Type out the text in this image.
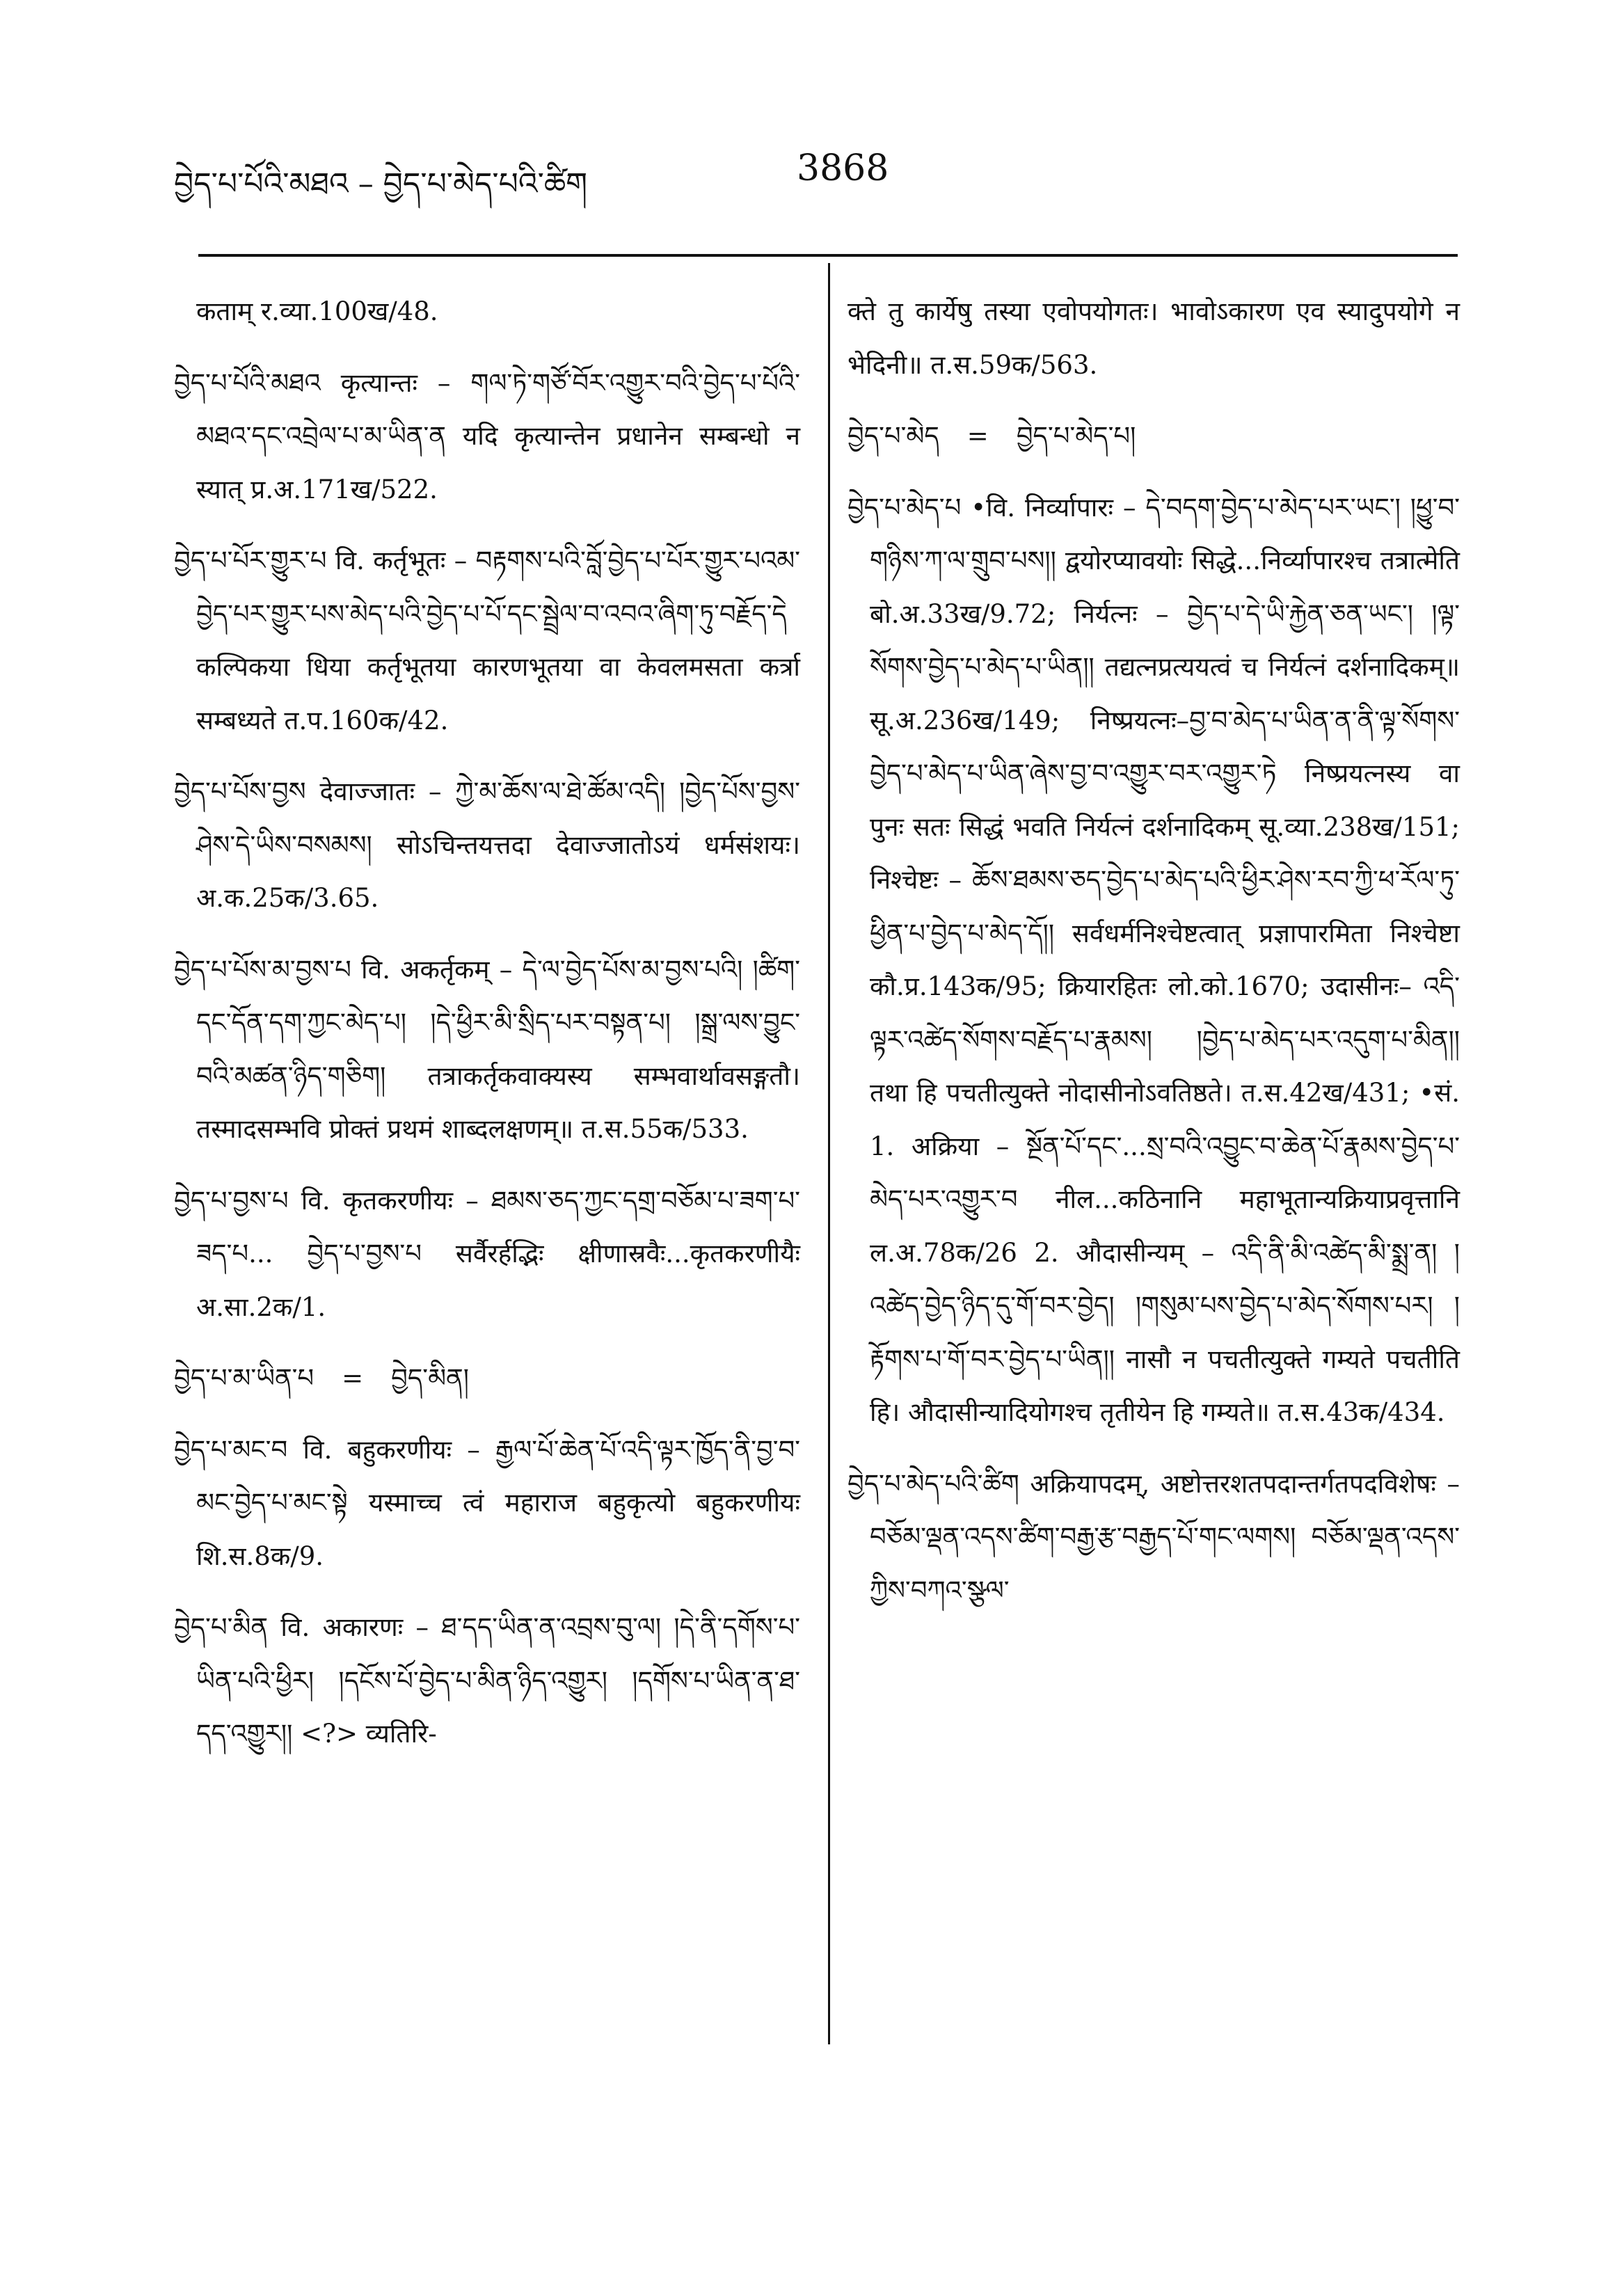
བྱེད་པ་པོའི་མཐའ – བྱེད་པ་མེད་པའི་ཚིག	3868

कताम् र.व्या.100ख/48.

བྱེད་པ་པོའི་མཐའ कृत्यान्तः – གལ་ཏེ་གཙོ་བོར་འགྱུར་བའི་བྱེད་པ་པོའི་མཐའ་དང་འབྲེལ་པ་མ་ཡིན་ན यदि कृत्यान्तेन प्रधानेन सम्बन्धो न स्यात् प्र.अ.171ख/522.

བྱེད་པ་པོར་གྱུར་པ वि. कर्तृभूतः – བརྟགས་པའི་བློ་བྱེད་པ་པོར་གྱུར་པའམ་བྱེད་པར་གྱུར་པས་མེད་པའི་བྱེད་པ་པོ་དང་སྦྲེལ་བ་འབའ་ཞིག་ཏུ་བརྗོད་དེ कल्पिकया धिया कर्तृभूतया कारणभूतया वा केवलमसता कर्त्रा सम्बध्यते त.प.160क/42.

བྱེད་པ་པོས་བྱས देवाज्जातः – ཀྱེ་མ་ཆོས་ལ་ཐེ་ཚོམ་འདི། །བྱེད་པོས་བྱས་ཤེས་དེ་ཡིས་བསམས། सोऽचिन्तयत्तदा देवाज्जातोऽयं धर्मसंशयः। अ.क.25क/3.65.

བྱེད་པ་པོས་མ་བྱས་པ वि. अकर्तृकम् – དེ་ལ་བྱེད་པོས་མ་བྱས་པའི། །ཚིག་དང་དོན་དག་ཀྱང་མེད་པ། །དེ་ཕྱིར་མི་སྲིད་པར་བསྟན་པ། །སྒྲ་ལས་བྱུང་བའི་མཚན་ཉིད་གཅིག། तत्राकर्तृकवाक्यस्य सम्भवार्थावसङ्गतौ। तस्मादसम्भवि प्रोक्तं प्रथमं शाब्दलक्षणम्॥ त.स.55क/533.

བྱེད་པ་བྱས་པ वि. कृतकरणीयः – ཐམས་ཅད་ཀྱང་དགྲ་བཅོམ་པ་ཟག་པ་ཟད་པ... བྱེད་པ་བྱས་པ सर्वैरर्हद्भिः क्षीणास्रवैः...कृतकरणीयैः अ.सा.2क/1.

བྱེད་པ་མ་ཡིན་པ = བྱེད་མིན།

བྱེད་པ་མང་བ वि. बहुकरणीयः – རྒྱལ་པོ་ཆེན་པོ་འདི་ལྟར་ཁྱོད་ནི་བྱ་བ་མང་བྱེད་པ་མང་སྟེ यस्माच्च त्वं महाराज बहुकृत्यो बहुकरणीयः शि.स.8क/9.

བྱེད་པ་མིན वि. अकारणः – ཐ་དད་ཡིན་ན་འབྲས་བུ་ལ། །དེ་ནི་དགོས་པ་ཡིན་པའི་ཕྱིར། །དངོས་པོ་བྱེད་པ་མིན་ཉིད་འགྱུར། །དགོས་པ་ཡིན་ན་ཐ་དད་འགྱུར།། <?> व्यतिरि-

क्ते तु कार्येषु तस्या एवोपयोगतः। भावोऽकारण एव स्यादुपयोगे न भेदिनी॥ त.स.59क/563.

བྱེད་པ་མེད = བྱེད་པ་མེད་པ།

བྱེད་པ་མེད་པ •वि. निर्व्यापारः – དེ་བདག་བྱེད་པ་མེད་པར་ཡང་། །ཕྱུ་བ་གཉིས་ཀ་ལ་གྲུབ་པས།། द्वयोरप्यावयोः सिद्धे...निर्व्यापारश्च तत्रात्मेति बो.अ.33ख/9.72; निर्यत्नः – བྱེད་པ་དེ་ཡི་རྐྱེན་ཅན་ཡང་། །ལྟ་སོགས་བྱེད་པ་མེད་པ་ཡིན།། तद्यत्नप्रत्ययत्वं च निर्यत्नं दर्शनादिकम्॥ सू.अ.236ख/149; निष्प्रयत्नः–བྱ་བ་མེད་པ་ཡིན་ན་ནི་ལྟ་སོགས་བྱེད་པ་མེད་པ་ཡིན་ཞེས་བྱ་བ་འགྱུར་བར་འགྱུར་ཏེ निष्प्रयत्नस्य वा पुनः सतः सिद्धं भवति निर्यत्नं दर्शनादिकम् सू.व्या.238ख/151; निश्चेष्टः – ཆོས་ཐམས་ཅད་བྱེད་པ་མེད་པའི་ཕྱིར་ཤེས་རབ་ཀྱི་ཕ་རོལ་ཏུ་ཕྱིན་པ་བྱེད་པ་མེད་དོ།། सर्वधर्मनिश्चेष्टत्वात् प्रज्ञापारमिता निश्चेष्टा कौ.प्र.143क/95; क्रियारहितः लो.को.1670; उदासीनः– འདི་ལྟར་འཚེད་སོགས་བརྗོད་པ་རྣམས། །བྱེད་པ་མེད་པར་འདུག་པ་མིན།། तथा हि पचतीत्युक्ते नोदासीनोऽवतिष्ठते। त.स.42ख/431; •सं. 1. अक्रिया – སྔོན་པོ་དང་...སྲ་བའི་འབྱུང་བ་ཆེན་པོ་རྣམས་བྱེད་པ་མེད་པར་འགྱུར་བ नील...कठिनानि महाभूतान्यक्रियाप्रवृत्तानि ल.अ.78क/26 2. औदासीन्यम् – འདི་ནི་མི་འཚེད་མི་སྨྲ་ན། །འཚེད་བྱེད་ཉིད་དུ་གོ་བར་བྱེད། །གསུམ་པས་བྱེད་པ་མེད་སོགས་པར། །རྟོགས་པ་གོ་བར་བྱེད་པ་ཡིན།། नासौ न पचतीत्युक्ते गम्यते पचतीति हि। औदासीन्यादियोगश्च तृतीयेन हि गम्यते॥ त.स.43क/434.

བྱེད་པ་མེད་པའི་ཚིག अक्रियापदम्, अष्टोत्तरशतपदान्तर्गतपदविशेषः – བཅོམ་ལྡན་འདས་ཚིག་བརྒྱ་རྩ་བརྒྱད་པོ་གང་ལགས། བཅོམ་ལྡན་འདས་ཀྱིས་བཀའ་སྩལ་
